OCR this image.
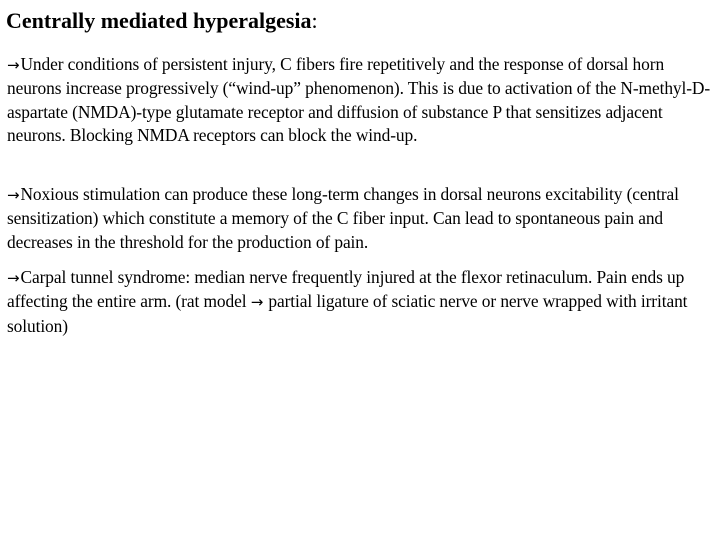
Centrally mediated hyperalgesia:

→Under conditions of persistent injury, C fibers fire repetitively and the response of dorsal horn neurons increase progressively (“wind-up” phenomenon). This is due to activation of the N-methyl-D-aspartate (NMDA)-type glutamate receptor and diffusion of substance P that sensitizes adjacent neurons. Blocking NMDA receptors can block the wind-up.

→Noxious stimulation can produce these long-term changes in dorsal neurons excitability (central sensitization) which constitute a memory of the C fiber input. Can lead to spontaneous pain and decreases in the threshold for the production of pain.

→Carpal tunnel syndrome: median nerve frequently injured at the flexor retinaculum. Pain ends up affecting the entire arm. (rat model → partial ligature of sciatic nerve or nerve wrapped with irritant solution)
